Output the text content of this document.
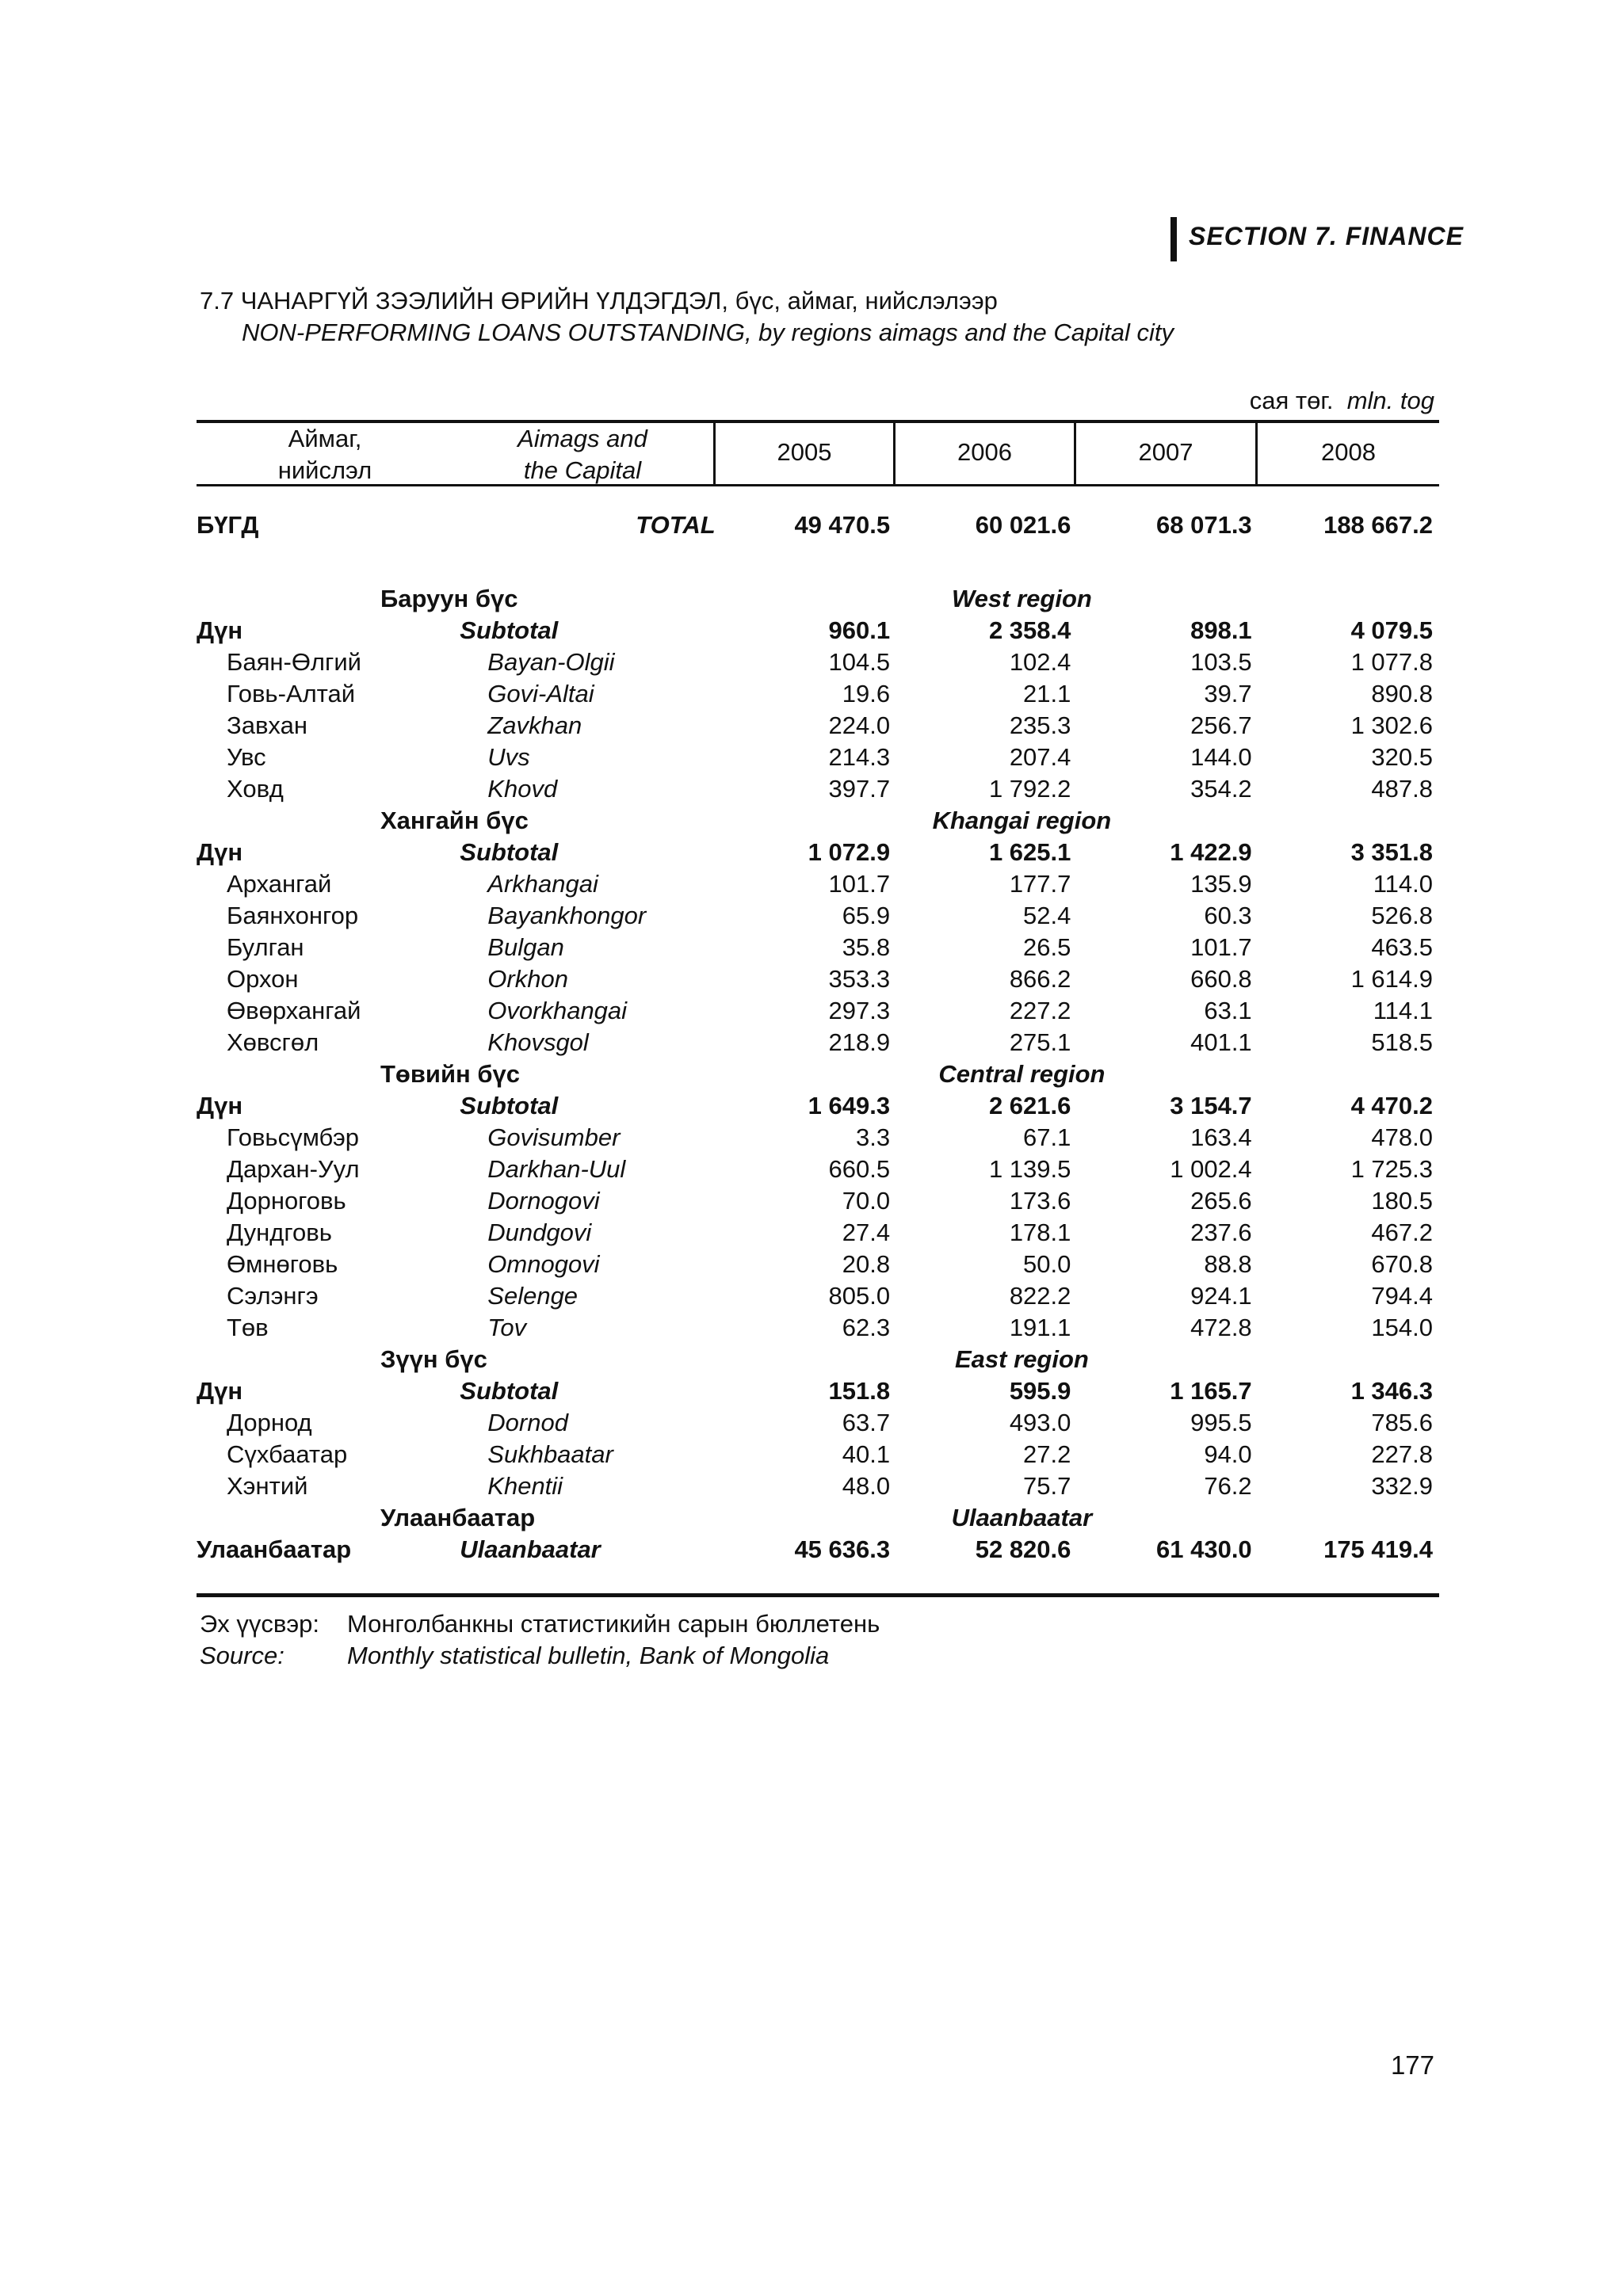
SECTION 7. FINANCE
7.7 ЧАНАРГҮЙ ЗЭЭЛИЙН ӨРИЙН ҮЛДЭГДЭЛ, бүс, аймаг, нийслэлээр
NON-PERFORMING LOANS OUTSTANDING, by regions aimags and the Capital city
сая төг. mln. tog
Аймаг,
нийслэл
Aimags and
the Capital
2005	2006	2007	2008
БҮГД	TOTAL	49 470.5	60 021.6	68 071.3	188 667.2

Баруун бүс		West region			
Дүн	Subtotal	960.1	2 358.4	898.1	4 079.5
Баян-Өлгий	Bayan-Olgii	104.5	102.4	103.5	1 077.8
Говь-Алтай	Govi-Altai	19.6	21.1	39.7	890.8
Завхан	Zavkhan	224.0	235.3	256.7	1 302.6
Увс	Uvs	214.3	207.4	144.0	320.5
Ховд	Khovd	397.7	1 792.2	354.2	487.8
Хангайн бүс		Khangai region			
Дүн	Subtotal	1 072.9	1 625.1	1 422.9	3 351.8
Архангай	Arkhangai	101.7	177.7	135.9	114.0
Баянхонгор	Bayankhongor	65.9	52.4	60.3	526.8
Булган	Bulgan	35.8	26.5	101.7	463.5
Орхон	Orkhon	353.3	866.2	660.8	1 614.9
Өвөрхангай	Ovorkhangai	297.3	227.2	63.1	114.1
Хөвсгөл	Khovsgol	218.9	275.1	401.1	518.5
Төвийн бүс		Central region			
Дүн	Subtotal	1 649.3	2 621.6	3 154.7	4 470.2
Говьсүмбэр	Govisumber	3.3	67.1	163.4	478.0
Дархан-Уул	Darkhan-Uul	660.5	1 139.5	1 002.4	1 725.3
Дорноговь	Dornogovi	70.0	173.6	265.6	180.5
Дундговь	Dundgovi	27.4	178.1	237.6	467.2
Өмнөговь	Omnogovi	20.8	50.0	88.8	670.8
Сэлэнгэ	Selenge	805.0	822.2	924.1	794.4
Төв	Tov	62.3	191.1	472.8	154.0
Зүүн бүс		East region			
Дүн	Subtotal	151.8	595.9	1 165.7	1 346.3
Дорнод	Dornod	63.7	493.0	995.5	785.6
Сүхбаатар	Sukhbaatar	40.1	27.2	94.0	227.8
Хэнтий	Khentii	48.0	75.7	76.2	332.9
Улаанбаатар		Ulaanbaatar			
Улаанбаатар	Ulaanbaatar	45 636.3	52 820.6	61 430.0	175 419.4
Эх үүсвэр: Монголбанкны статистикийн сарын бюллетень
Source:	Monthly statistical bulletin, Bank of Mongolia
177
